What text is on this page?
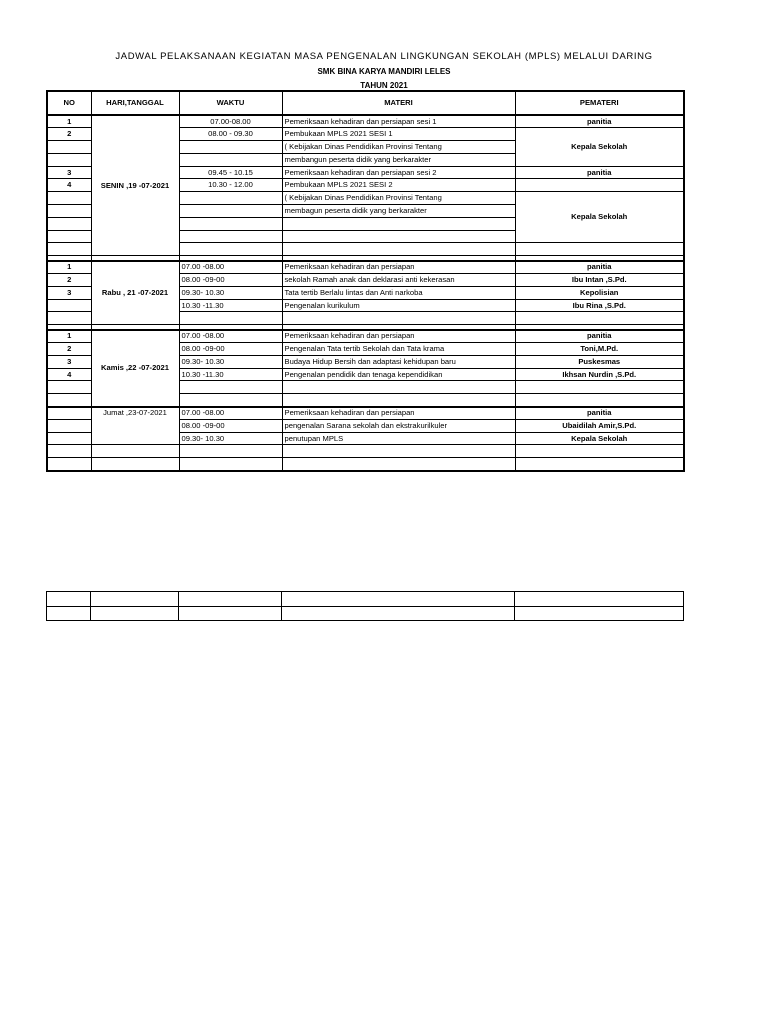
JADWAL PELAKSANAAN KEGIATAN MASA PENGENALAN LINGKUNGAN SEKOLAH (MPLS) MELALUI DARING
SMK BINA KARYA MANDIRI LELES
TAHUN 2021
NO	HARI,TANGGAL	WAKTU	MATERI	PEMATERI
1	SENIN ,19 -07-2021	07.00-08.00	Pemeriksaan kehadiran dan persiapan sesi 1	panitia
2		08.00 - 09.30	Pembukaan MPLS 2021 SESI 1	Kepala Sekolah
			( Kebijakan Dinas Pendidikan Provinsi Tentang	
			membangun peserta didik yang berkarakter	
3		09.45 - 10.15	Pemeriksaan kehadiran dan persiapan sesi 2	panitia
4		10.30 - 12.00	Pembukaan MPLS 2021 SESI 2	
			( Kebijakan Dinas Pendidikan Provinsi Tentang	Kepala Sekolah
			membagun peserta didik yang berkarakter	

1	Rabu , 21 -07-2021	07.00 -08.00	Pemeriksaan kehadiran dan persiapan	panitia
2		08.00 -09-00	sekolah Ramah anak dan deklarasi anti kekerasan	Ibu Intan ,S.Pd.
3		09.30- 10.30	Tata tertib Berlalu lintas dan Anti narkoba	Kepolisian
		10.30 -11.30	Pengenalan kurikulum	Ibu Rina ,S.Pd.

1	Kamis ,22 -07-2021	07.00 -08.00	Pemeriksaan kehadiran dan persiapan	panitia
2		08.00 -09-00	Pengenalan Tata tertib Sekolah dan Tata krama	Toni,M.Pd.
3		09.30- 10.30	Budaya Hidup Bersih dan adaptasi kehidupan baru	Puskesmas
4		10.30 -11.30	Pengenalan pendidik dan tenaga kependidikan	Ikhsan Nurdin ,S.Pd.

	Jumat ,23-07-2021	07.00 -08.00	Pemeriksaan kehadiran dan persiapan	panitia
		08.00 -09-00	pengenalan Sarana sekolah dan ekstrakurilkuler	Ubaidilah Amir,S.Pd.
		09.30- 10.30	penutupan MPLS	Kepala Sekolah
